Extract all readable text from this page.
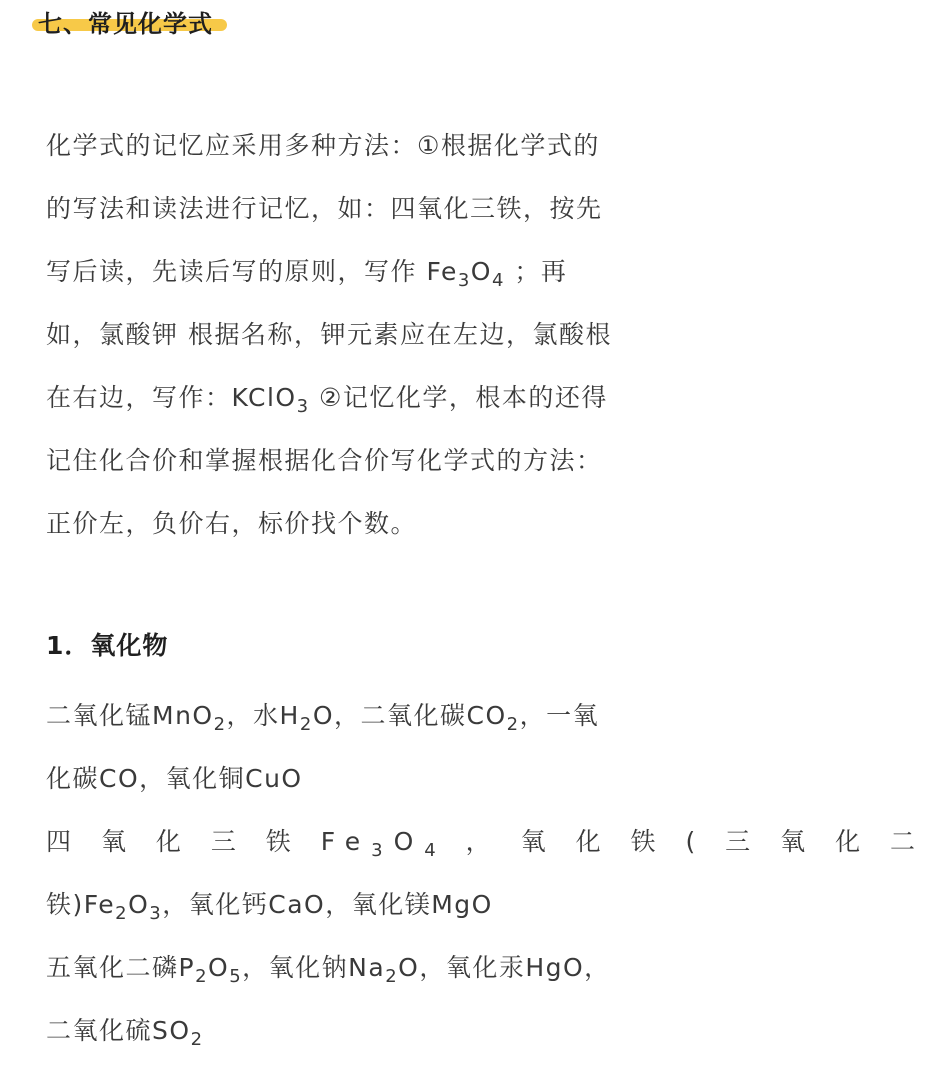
七、常见化学式
化学式的记忆应采用多种方法：①根据化学式的
的写法和读法进行记忆，如：四氧化三铁，按先
写后读，先读后写的原则，写作 $Fe_3O_4$ ；再
如，氯酸钾 根据名称，钾元素应在左边，氯酸根
在右边，写作：KClO$_3$ ②记忆化学，根本的还得
记住化合价和掌握根据化合价写化学式的方法：
正价左，负价右，标价找个数。
1．氧化物
二氧化锰MnO$_2$，水$H_2O$，二氧化碳$CO_2$，一氧
化碳CO，氧化铜CuO
四 氧 化 三 铁 $Fe_3O_4$ ， 氧 化 铁 ( 三 氧 化 二
铁)$Fe_2O_3$，氧化钙CaO，氧化镁MgO
五氧化二磷$P_2O_5$，氧化钠$Na_2O$，氧化汞HgO，
二氧化硫$SO_2$
